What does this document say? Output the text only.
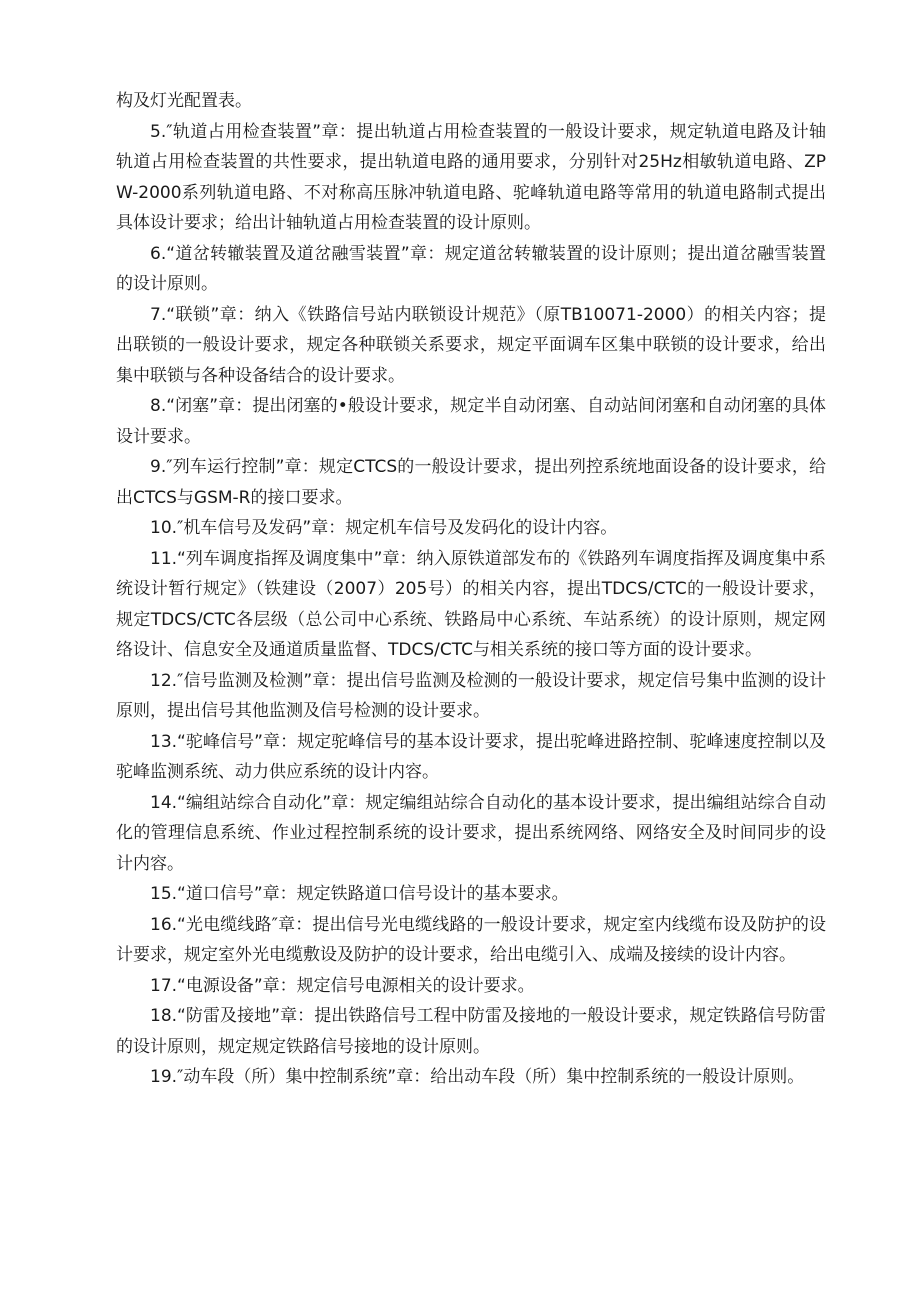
构及灯光配置表。

5.″轨道占用检查装置”章：提出轨道占用检查装置的一般设计要求，规定轨道电路及计轴轨道占用检查装置的共性要求，提出轨道电路的通用要求，分别针对25Hz相敏轨道电路、ZPW-2000系列轨道电路、不对称高压脉冲轨道电路、驼峰轨道电路等常用的轨道电路制式提出具体设计要求；给出计轴轨道占用检查装置的设计原则。

6.“道岔转辙装置及道岔融雪装置”章：规定道岔转辙装置的设计原则；提出道岔融雪装置的设计原则。

7.“联锁”章：纳入《铁路信号站内联锁设计规范》（原TB10071-2000）的相关内容；提出联锁的一般设计要求，规定各种联锁关系要求，规定平面调车区集中联锁的设计要求，给出集中联锁与各种设备结合的设计要求。

8.“闭塞”章：提出闭塞的•般设计要求，规定半自动闭塞、自动站间闭塞和自动闭塞的具体设计要求。

9.″列车运行控制”章：规定CTCS的一般设计要求，提出列控系统地面设备的设计要求，给出CTCS与GSM-R的接口要求。

10.″机车信号及发码”章：规定机车信号及发码化的设计内容。

11.“列车调度指挥及调度集中”章：纳入原铁道部发布的《铁路列车调度指挥及调度集中系统设计暂行规定》（铁建设（2007）205号）的相关内容，提出TDCS/CTC的一般设计要求，规定TDCS/CTC各层级（总公司中心系统、铁路局中心系统、车站系统）的设计原则，规定网络设计、信息安全及通道质量监督、TDCS/CTC与相关系统的接口等方面的设计要求。

12.″信号监测及检测”章：提出信号监测及检测的一般设计要求，规定信号集中监测的设计原则，提出信号其他监测及信号检测的设计要求。

13.“驼峰信号”章：规定驼峰信号的基本设计要求，提出驼峰进路控制、驼峰速度控制以及驼峰监测系统、动力供应系统的设计内容。

14.“编组站综合自动化”章：规定编组站综合自动化的基本设计要求，提出编组站综合自动化的管理信息系统、作业过程控制系统的设计要求，提出系统网络、网络安全及时间同步的设计内容。

15.“道口信号”章：规定铁路道口信号设计的基本要求。

16.“光电缆线路″章：提出信号光电缆线路的一般设计要求，规定室内线缆布设及防护的设计要求，规定室外光电缆敷设及防护的设计要求，给出电缆引入、成端及接续的设计内容。

17.“电源设备”章：规定信号电源相关的设计要求。

18.“防雷及接地”章：提出铁路信号工程中防雷及接地的一般设计要求，规定铁路信号防雷的设计原则，规定规定铁路信号接地的设计原则。

19.″动车段（所）集中控制系统”章：给出动车段（所）集中控制系统的一般设计原则。
